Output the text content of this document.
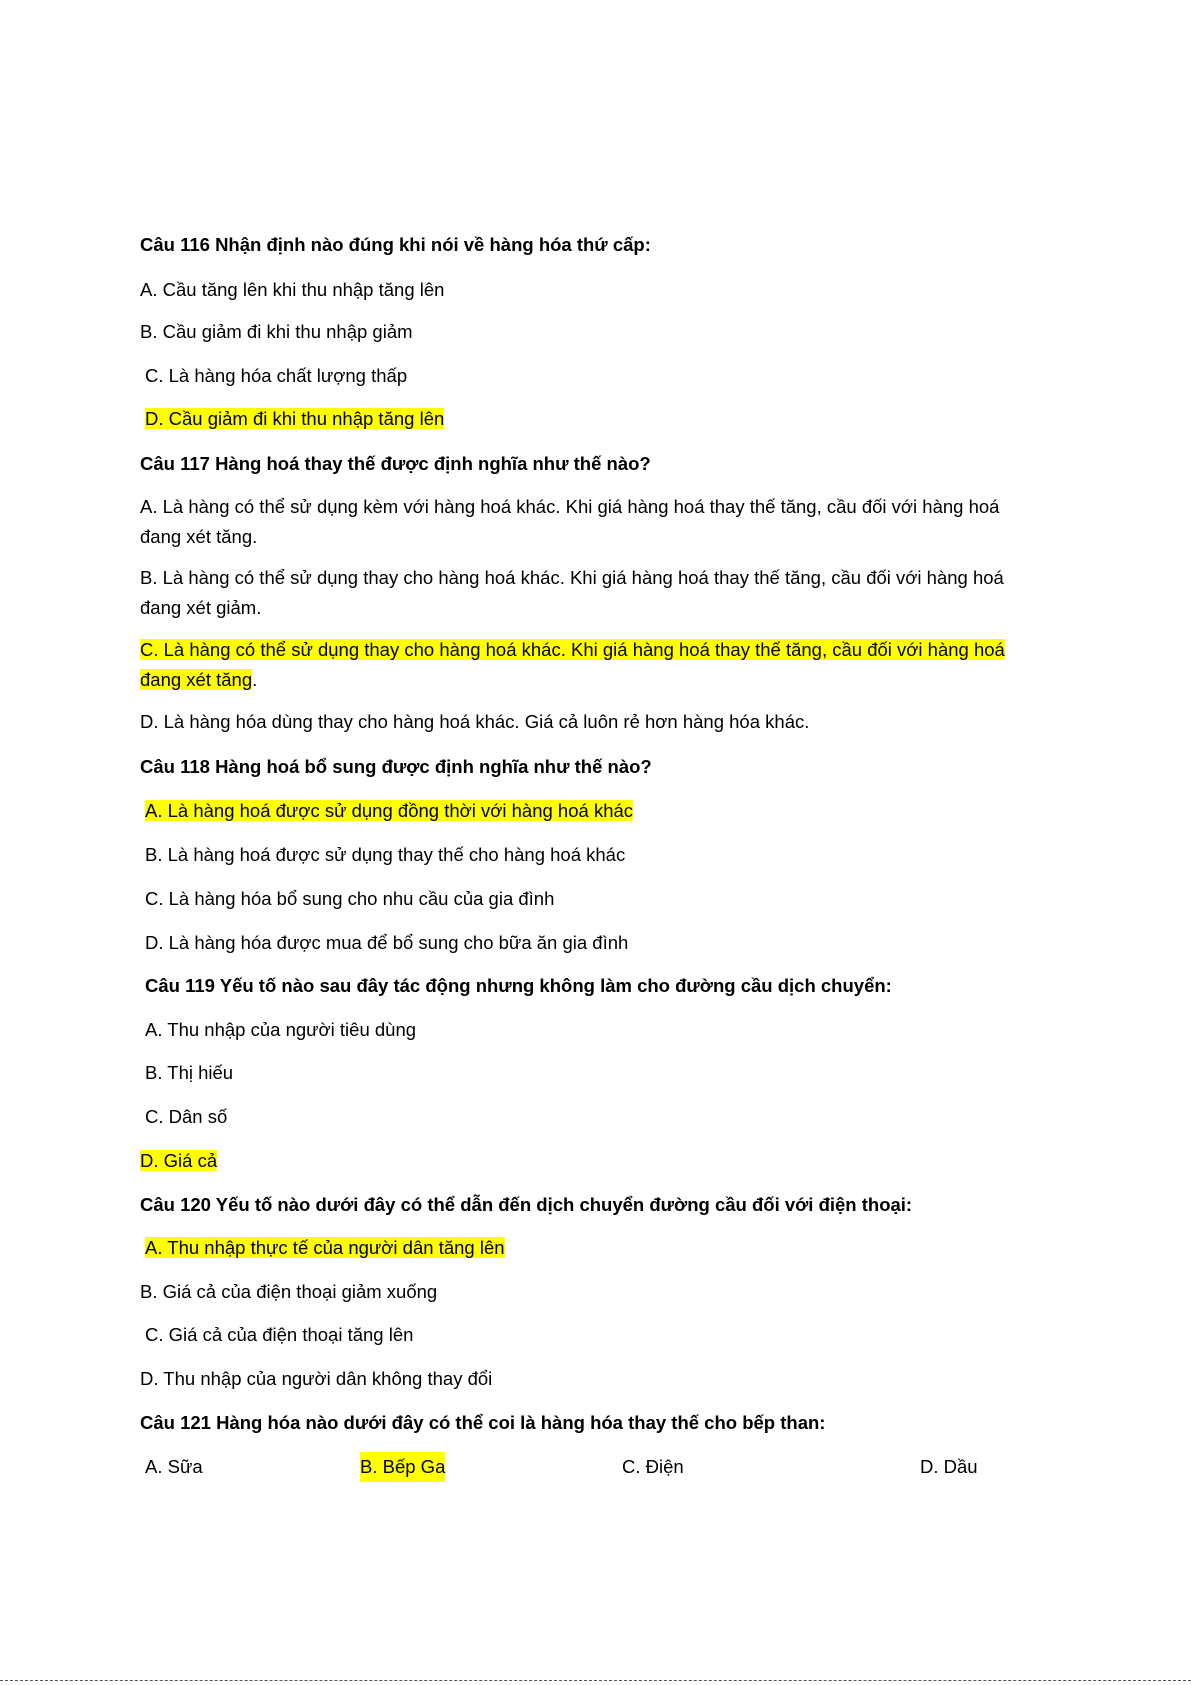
Câu 116 Nhận định nào đúng khi nói về hàng hóa thứ cấp:
A. Cầu tăng lên khi thu nhập tăng lên
B. Cầu giảm đi khi thu nhập giảm
C. Là hàng hóa chất lượng thấp
D. Cầu giảm đi khi thu nhập tăng lên
Câu 117 Hàng hoá thay thế được định nghĩa như thế nào?
A. Là hàng có thể sử dụng kèm với hàng hoá khác. Khi giá hàng hoá thay thế tăng, cầu đối với hàng hoá đang xét tăng.
B. Là hàng có thể sử dụng thay cho hàng hoá khác. Khi giá hàng hoá thay thế tăng, cầu đối với hàng hoá đang xét giảm.
C. Là hàng có thể sử dụng thay cho hàng hoá khác. Khi giá hàng hoá thay thế tăng, cầu đối với hàng hoá đang xét tăng.
D. Là hàng hóa dùng thay cho hàng hoá khác. Giá cả luôn rẻ hơn hàng hóa khác.
Câu 118 Hàng hoá bổ sung được định nghĩa như thế nào?
A. Là hàng hoá được sử dụng đồng thời với hàng hoá khác
B. Là hàng hoá được sử dụng thay thế cho hàng hoá khác
C. Là hàng hóa bổ sung cho nhu cầu của gia đình
D. Là hàng hóa được mua để bổ sung cho bữa ăn gia đình
Câu 119 Yếu tố nào sau đây tác động nhưng không làm cho đường cầu dịch chuyển:
A. Thu nhập của người tiêu dùng
B. Thị hiếu
C. Dân số
D. Giá cả
Câu 120 Yếu tố nào dưới đây có thể dẫn đến dịch chuyển đường cầu đối với điện thoại:
A. Thu nhập thực tế của người dân tăng lên
B. Giá cả của điện thoại giảm xuống
C. Giá cả của điện thoại tăng lên
D. Thu nhập của người dân không thay đổi
Câu 121 Hàng hóa nào dưới đây có thể coi là hàng hóa thay thế cho bếp than:
A. Sữa	B. Bếp Ga	C. Điện	D. Dầu
